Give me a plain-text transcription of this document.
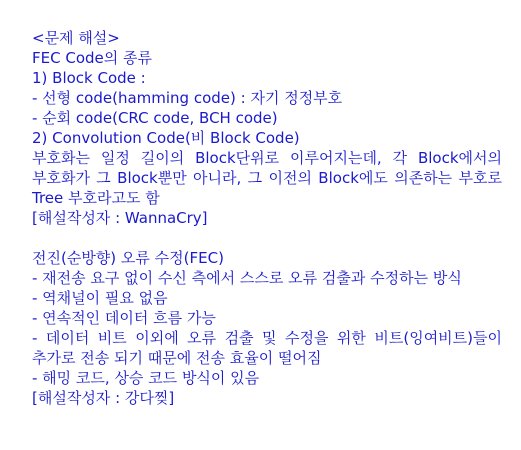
<문제 해설>
FEC Code의 종류
1) Block Code :
- 선형 code(hamming code) : 자기 정정부호
- 순회 code(CRC code, BCH code)
2) Convolution Code(비 Block Code)
부호화는 일정 길이의 Block단위로 이루어지는데, 각 Block에서의 부호화가 그 Block뿐만 아니라, 그 이전의 Block에도 의존하는 부호로 Tree 부호라고도 함
[해설작성자 : WannaCry]
전진(순방향) 오류 수정(FEC)
- 재전송 요구 없이 수신 측에서 스스로 오류 검출과 수정하는 방식
- 역채널이 필요 없음
- 연속적인 데이터 흐름 가능
- 데이터 비트 이외에 오류 검출 및 수정을 위한 비트(잉여비트)들이 추가로 전송 되기 때문에 전송 효율이 떨어짐
- 해밍 코드, 상승 코드 방식이 있음
[해설작성자 : 강다찢]
